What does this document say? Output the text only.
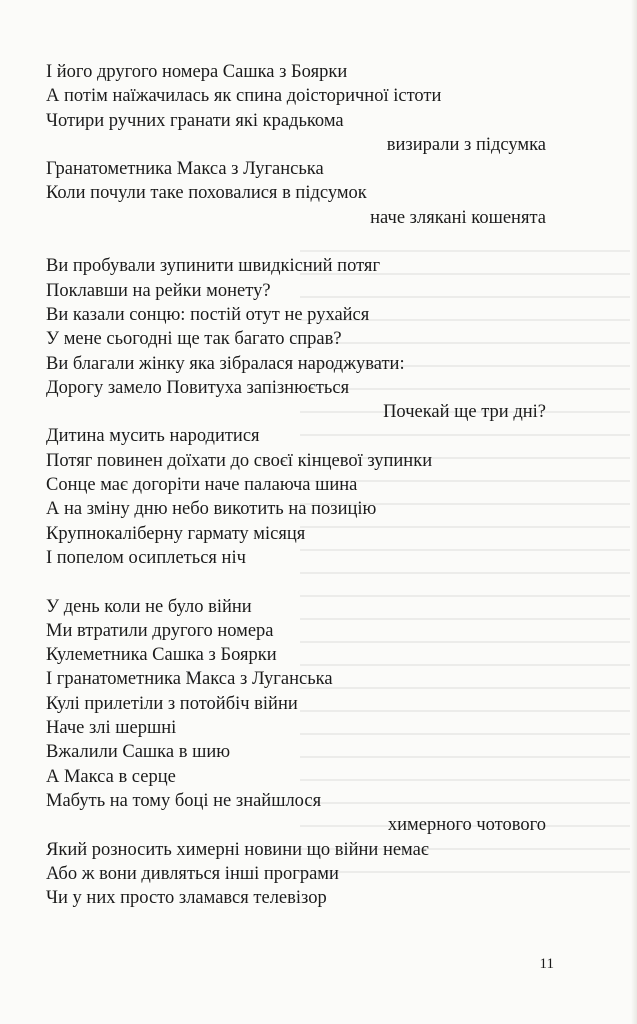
І його другого номера Сашка з Боярки
А потім наїжачилась як спина доісторичної істоти
Чотири ручних гранати які крадькома
визирали з підсумка
Гранатометника Макса з Луганська
Коли почули таке поховалися в підсумок
наче злякані кошенята
Ви пробували зупинити швидкісний потяг
Поклавши на рейки монету?
Ви казали сонцю: постій отут не рухайся
У мене сьогодні ще так багато справ?
Ви благали жінку яка зібралася народжувати:
Дорогу замело Повитуха запізнюється
Почекай ще три дні?
Дитина мусить народитися
Потяг повинен доїхати до своєї кінцевої зупинки
Сонце має догоріти наче палаюча шина
А на зміну дню небо викотить на позицію
Крупнокаліберну гармату місяця
І попелом осиплеться ніч
У день коли не було війни
Ми втратили другого номера
Кулеметника Сашка з Боярки
І гранатометника Макса з Луганська
Кулі прилетіли з потойбіч війни
Наче злі шершні
Вжалили Сашка в шию
А Макса в серце
Мабуть на тому боці не знайшлося
химерного чотового
Який розносить химерні новини що війни немає
Або ж вони дивляться інші програми
Чи у них просто зламався телевізор
11
